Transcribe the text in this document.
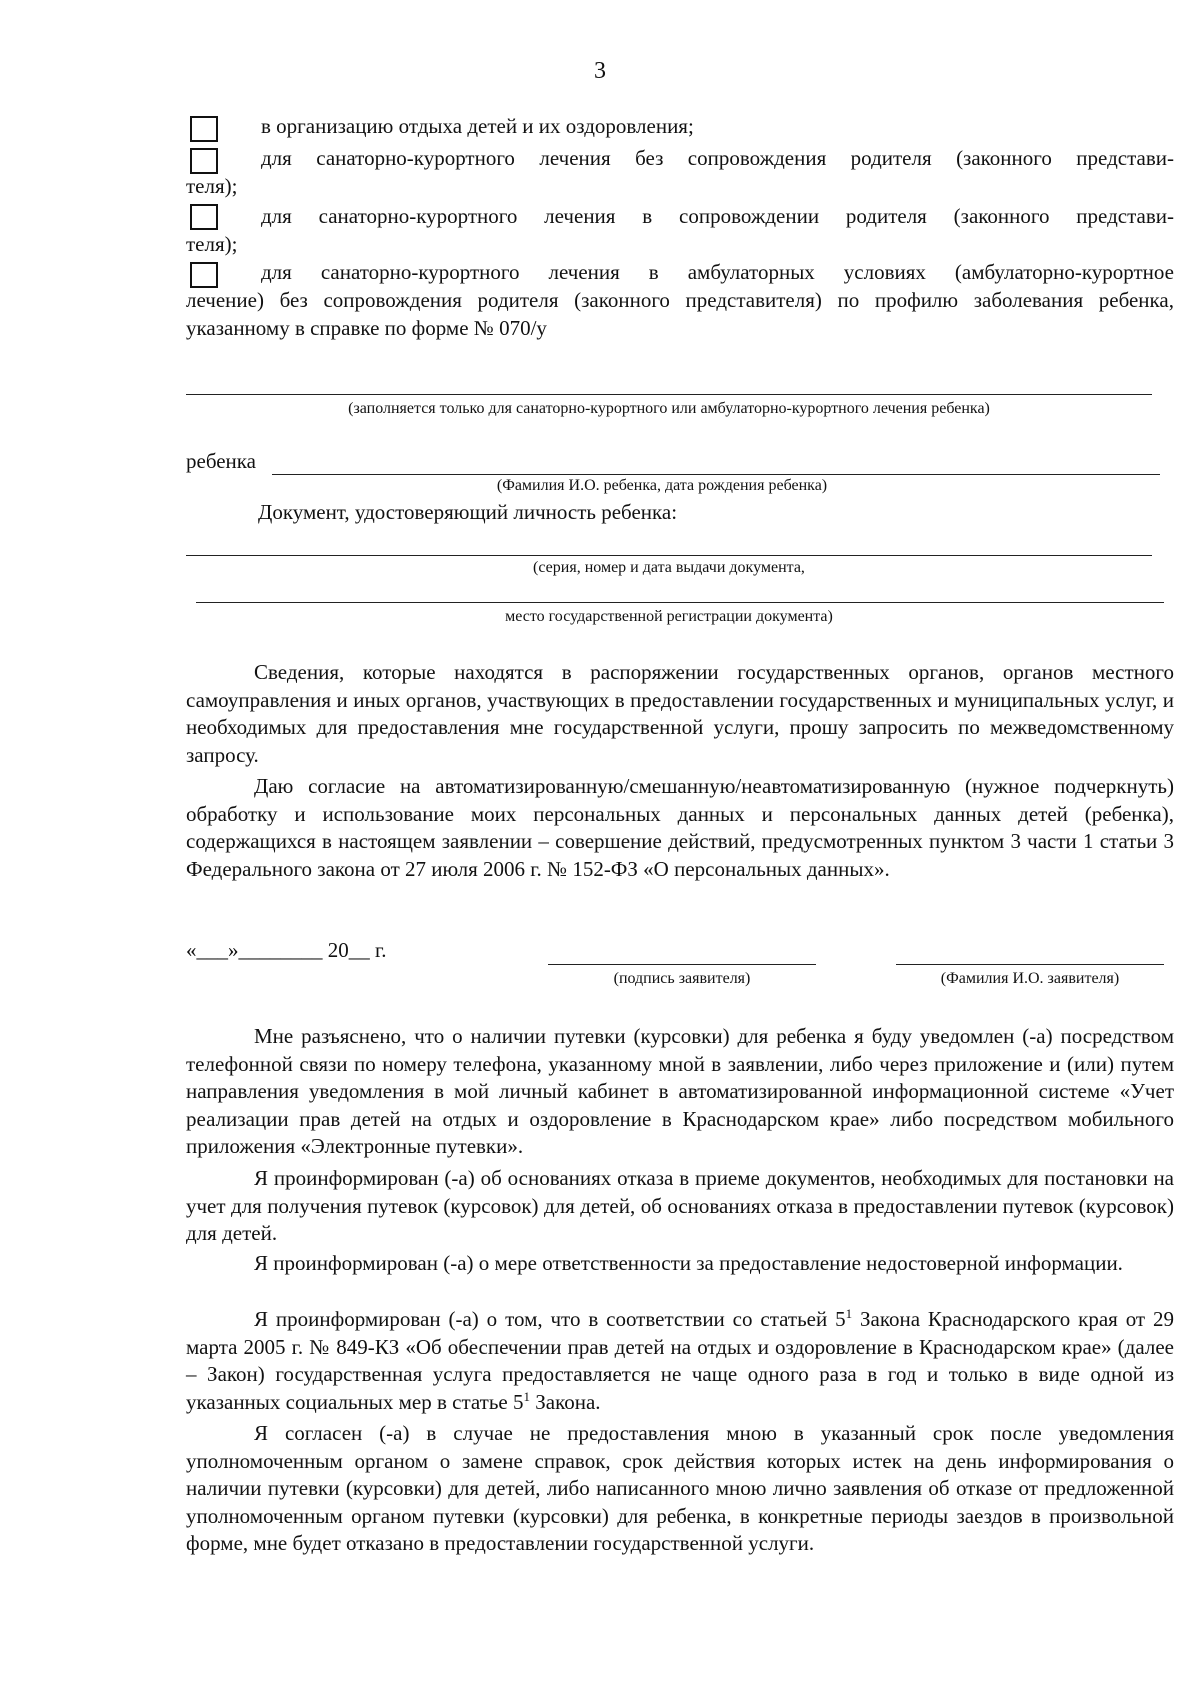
3
в организацию отдыха детей и их оздоровления;
для санаторно-курортного лечения без сопровождения родителя (законного представи-
теля);
для санаторно-курортного лечения в сопровождении родителя (законного представи-
теля);
для санаторно-курортного лечения в амбулаторных условиях (амбулаторно-курортное
лечение) без сопровождения родителя (законного представителя) по профилю заболевания ребенка, указанному в справке по форме № 070/у
(заполняется только для санаторно-курортного или амбулаторно-курортного лечения ребенка)
ребенка
(Фамилия И.О. ребенка, дата рождения ребенка)
Документ, удостоверяющий личность ребенка:
(серия, номер и дата выдачи документа,
место государственной регистрации документа)

Сведения, которые находятся в распоряжении государственных органов, органов местного самоуправления и иных органов, участвующих в предоставлении государственных и муниципальных услуг, и необходимых для предоставления мне государственной услуги, прошу запросить по межведомственному запросу.

Даю согласие на автоматизированную/смешанную/неавтоматизированную (нужное подчеркнуть) обработку и использование моих персональных данных и персональных данных детей (ребенка), содержащихся в настоящем заявлении – совершение действий, предусмотренных пунктом 3 части 1 статьи 3 Федерального закона от 27 июля 2006 г. № 152-ФЗ «О персональных данных».

«___»________ 20__ г.
(подпись заявителя)	(Фамилия И.О. заявителя)

Мне разъяснено, что о наличии путевки (курсовки) для ребенка я буду уведомлен (-а) посредством телефонной связи по номеру телефона, указанному мной в заявлении, либо через приложение и (или) путем направления уведомления в мой личный кабинет в автоматизированной информационной системе «Учет реализации прав детей на отдых и оздоровление в Краснодарском крае» либо посредством мобильного приложения «Электронные путевки».

Я проинформирован (-а) об основаниях отказа в приеме документов, необходимых для постановки на учет для получения путевок (курсовок) для детей, об основаниях отказа в предоставлении путевок (курсовок) для детей.

Я проинформирован (-а) о мере ответственности за предоставление недостоверной информации.

Я проинформирован (-а) о том, что в соответствии со статьей $5^1$ Закона Краснодарского края от 29 марта 2005 г. № 849-КЗ «Об обеспечении прав детей на отдых и оздоровление в Краснодарском крае» (далее – Закон) государственная услуга предоставляется не чаще одного раза в год и только в виде одной из указанных социальных мер в статье $5^1$ Закона.

Я согласен (-а) в случае не предоставления мною в указанный срок после уведомления уполномоченным органом о замене справок, срок действия которых истек на день информирования о наличии путевки (курсовки) для детей, либо написанного мною лично заявления об отказе от предложенной уполномоченным органом путевки (курсовки) для ребенка, в конкретные периоды заездов в произвольной форме, мне будет отказано в предоставлении государственной услуги.
